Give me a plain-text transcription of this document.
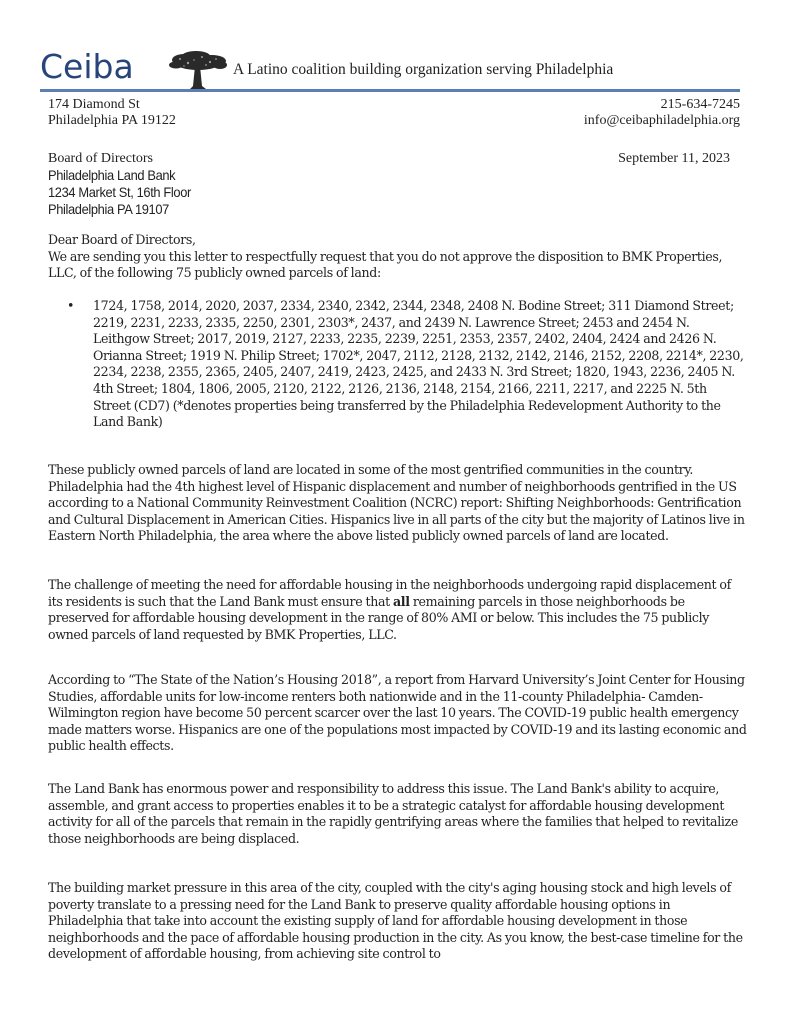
Ceiba	A Latino coalition building organization serving Philadelphia
174 Diamond St
Philadelphia PA 19122
215-634-7245
info@ceibaphiladelphia.org
Board of Directors
Philadelphia Land Bank
1234 Market St, 16th Floor
Philadelphia PA 19107
September 11, 2023

Dear Board of Directors,

We are sending you this letter to respectfully request that you do not approve the disposition to BMK Properties, LLC, of the following 75 publicly owned parcels of land:

• 1724, 1758, 2014, 2020, 2037, 2334, 2340, 2342, 2344, 2348, 2408 N. Bodine Street; 311 Diamond Street; 2219, 2231, 2233, 2335, 2250, 2301, 2303*, 2437, and 2439 N. Lawrence Street; 2453 and 2454 N. Leithgow Street; 2017, 2019, 2127, 2233, 2235, 2239, 2251, 2353, 2357, 2402, 2404, 2424 and 2426 N. Orianna Street; 1919 N. Philip Street; 1702*, 2047, 2112, 2128, 2132, 2142, 2146, 2152, 2208, 2214*, 2230, 2234, 2238, 2355, 2365, 2405, 2407, 2419, 2423, 2425, and 2433 N. 3rd Street; 1820, 1943, 2236, 2405 N. 4th Street; 1804, 1806, 2005, 2120, 2122, 2126, 2136, 2148, 2154, 2166, 2211, 2217, and 2225 N. 5th Street (CD7) (*denotes properties being transferred by the Philadelphia Redevelopment Authority to the Land Bank)

These publicly owned parcels of land are located in some of the most gentrified communities in the country. Philadelphia had the 4th highest level of Hispanic displacement and number of neighborhoods gentrified in the US according to a National Community Reinvestment Coalition (NCRC) report: Shifting Neighborhoods: Gentrification and Cultural Displacement in American Cities. Hispanics live in all parts of the city but the majority of Latinos live in Eastern North Philadelphia, the area where the above listed publicly owned parcels of land are located.

The challenge of meeting the need for affordable housing in the neighborhoods undergoing rapid displacement of its residents is such that the Land Bank must ensure that all remaining parcels in those neighborhoods be preserved for affordable housing development in the range of 80% AMI or below. This includes the 75 publicly owned parcels of land requested by BMK Properties, LLC.

According to “The State of the Nation’s Housing 2018”, a report from Harvard University’s Joint Center for Housing Studies, affordable units for low-income renters both nationwide and in the 11-county Philadelphia- Camden-Wilmington region have become 50 percent scarcer over the last 10 years. The COVID-19 public health emergency made matters worse. Hispanics are one of the populations most impacted by COVID-19 and its lasting economic and public health effects.

The Land Bank has enormous power and responsibility to address this issue. The Land Bank's ability to acquire, assemble, and grant access to properties enables it to be a strategic catalyst for affordable housing development activity for all of the parcels that remain in the rapidly gentrifying areas where the families that helped to revitalize those neighborhoods are being displaced.

The building market pressure in this area of the city, coupled with the city's aging housing stock and high levels of poverty translate to a pressing need for the Land Bank to preserve quality affordable housing options in Philadelphia that take into account the existing supply of land for affordable housing development in those neighborhoods and the pace of affordable housing production in the city. As you know, the best-case timeline for the development of affordable housing, from achieving site control to
